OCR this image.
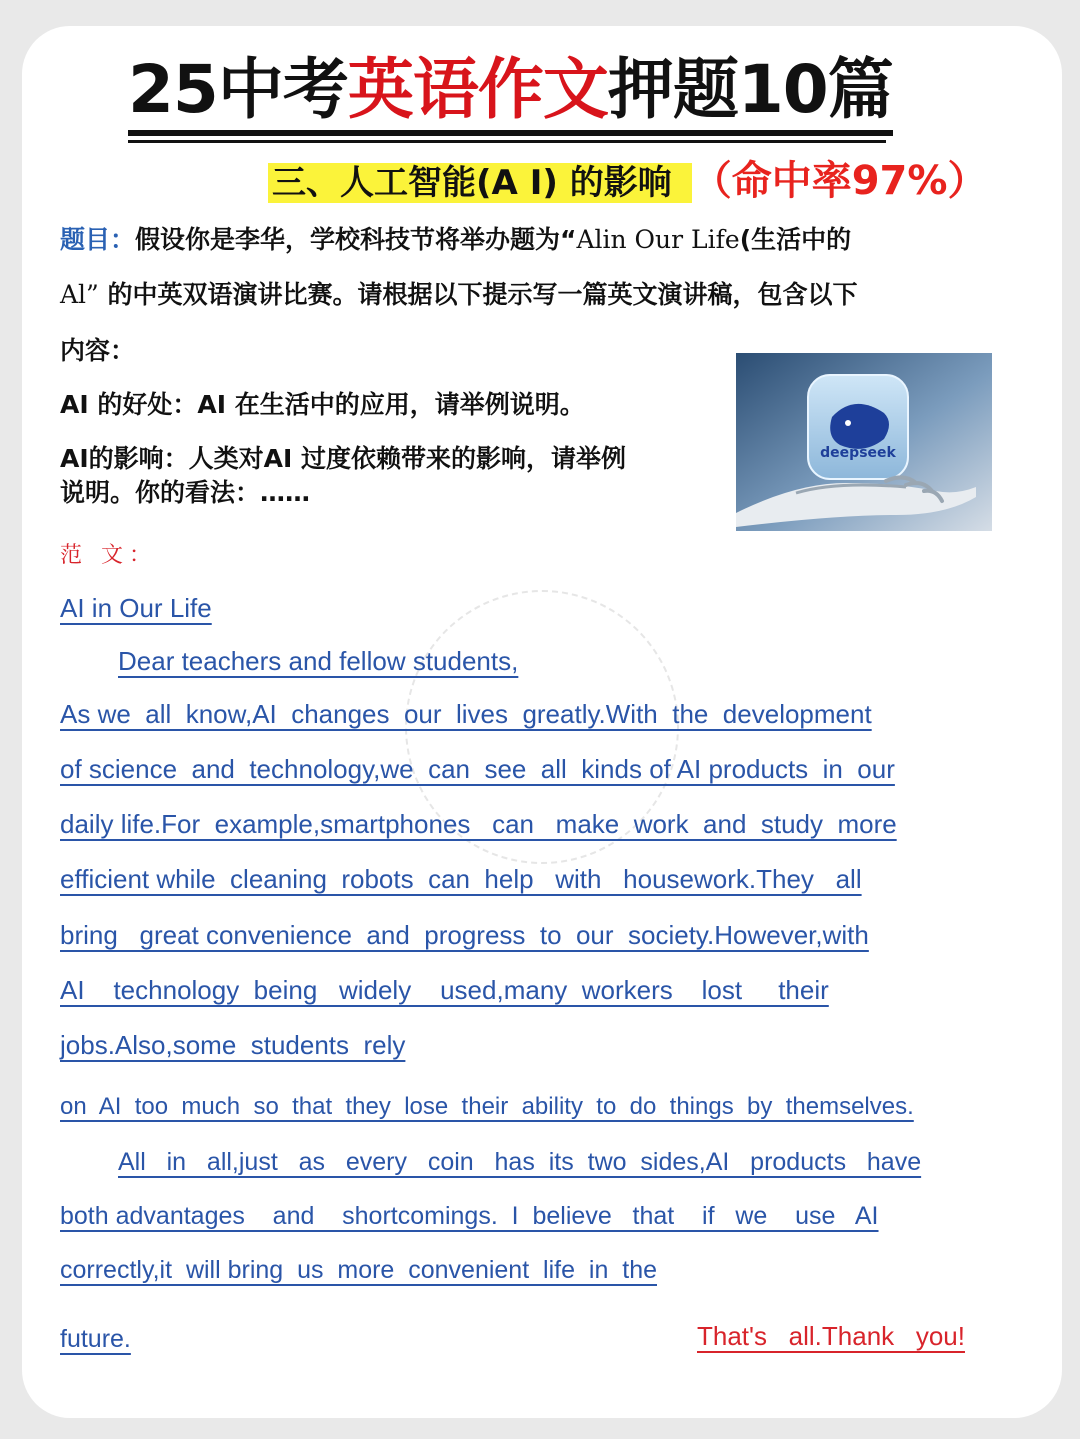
25中考英语作文押题10篇
三、人工智能(A I) 的影响 （命中率97%）

题目：假设你是李华，学校科技节将举办题为“Alin Our Life(生活中的

Al” 的中英双语演讲比赛。请根据以下提示写一篇英文演讲稿，包含以下

内容：

AI 的好处：AI 在生活中的应用，请举例说明。

AI的影响：人类对AI 过度依赖带来的影响，请举例

说明。你的看法：……

deepseek

范 文：

AI in Our Life

Dear teachers and fellow students,

As we  all  know,AI  changes  our  lives  greatly.With  the  development

of science  and  technology,we  can  see  all  kinds of AI products  in  our

daily life.For  example,smartphones   can   make  work  and  study  more

efficient while  cleaning  robots  can  help   with   housework.They   all

bring   great convenience  and  progress  to  our  society.However,with

AI    technology  being   widely    used,many  workers    lost     their

jobs.Also,some  students  rely

on  AI  too  much  so  that  they  lose  their  ability  to  do  things  by  themselves.

All   in   all,just   as   every   coin   has  its  two  sides,AI   products   have

both advantages    and    shortcomings.  I  believe   that    if   we    use   AI

correctly,it  will bring  us  more  convenient  life  in  the

future.	That's   all.Thank   you!
